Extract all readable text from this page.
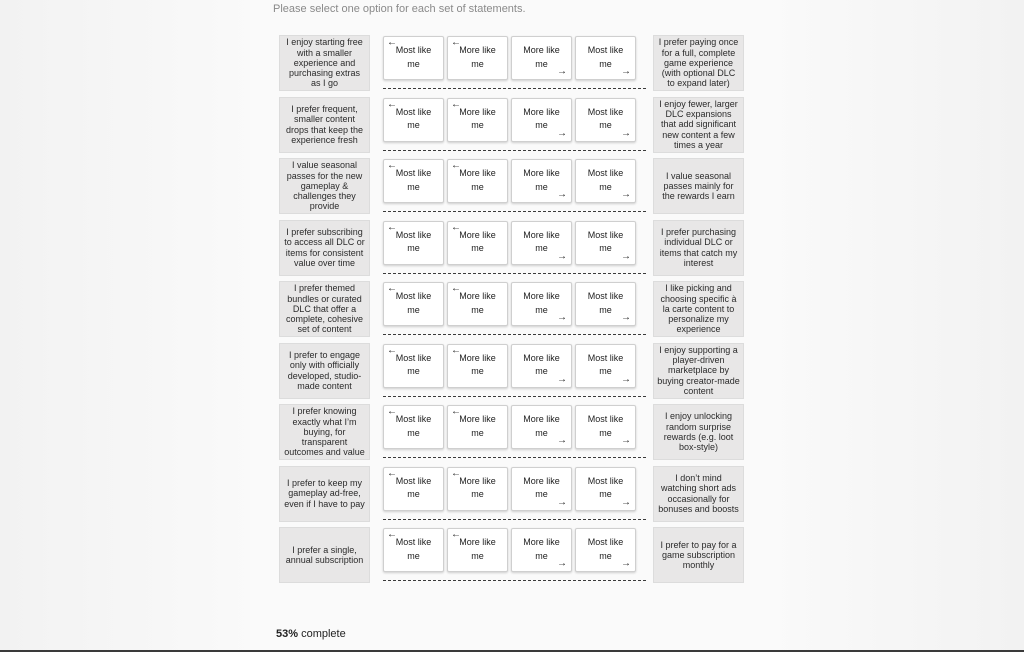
Please select one option for each set of statements.

I enjoy starting free with a smaller experience and purchasing extras as I go
←
Most like me
←
More like me
→
More like me
→
Most like me
I prefer paying once for a full, complete game experience (with optional DLC to expand later)
I prefer frequent, smaller content drops that keep the experience fresh
←
Most like me
←
More like me
→
More like me
→
Most like me
I enjoy fewer, larger DLC expansions that add significant new content a few times a year
I value seasonal passes for the new gameplay & challenges they provide
←
Most like me
←
More like me
→
More like me
→
Most like me
I value seasonal passes mainly for the rewards I earn
I prefer subscribing to access all DLC or items for consistent value over time
←
Most like me
←
More like me
→
More like me
→
Most like me
I prefer purchasing individual DLC or items that catch my interest
I prefer themed bundles or curated DLC that offer a complete, cohesive set of content
←
Most like me
←
More like me
→
More like me
→
Most like me
I like picking and choosing specific à la carte content to personalize my experience
I prefer to engage only with officially developed, studio-made content
←
Most like me
←
More like me
→
More like me
→
Most like me
I enjoy supporting a player-driven marketplace by buying creator-made content
I prefer knowing exactly what I’m buying, for transparent outcomes and value
←
Most like me
←
More like me
→
More like me
→
Most like me
I enjoy unlocking random surprise rewards (e.g. loot box-style)
I prefer to keep my gameplay ad-free, even if I have to pay
←
Most like me
←
More like me
→
More like me
→
Most like me
I don’t mind watching short ads occasionally for bonuses and boosts
I prefer a single, annual subscription
←
Most like me
←
More like me
→
More like me
→
Most like me
I prefer to pay for a game subscription monthly
53% complete
